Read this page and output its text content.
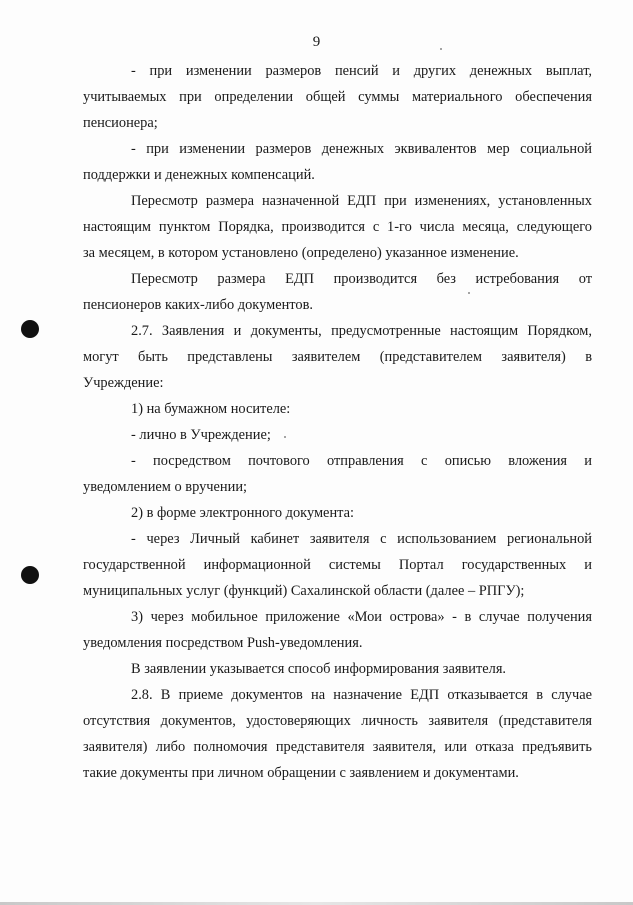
9
- при изменении размеров пенсий и других денежных выплат,
учитываемых при определении общей суммы материального обеспечения
пенсионера;
- при изменении размеров денежных эквивалентов мер социальной
поддержки и денежных компенсаций.
Пересмотр размера назначенной ЕДП при изменениях, установленных
настоящим пунктом Порядка, производится с 1-го числа месяца, следующего
за месяцем, в котором установлено (определено) указанное изменение.
Пересмотр размера ЕДП производится без истребования от
пенсионеров каких-либо документов.
2.7. Заявления и документы, предусмотренные настоящим Порядком,
могут быть представлены заявителем (представителем заявителя) в
Учреждение:
1) на бумажном носителе:
- лично в Учреждение;
- посредством почтового отправления с описью вложения и
уведомлением о вручении;
2) в форме электронного документа:
- через Личный кабинет заявителя с использованием региональной
государственной информационной системы Портал государственных и
муниципальных услуг (функций) Сахалинской области (далее – РПГУ);
3) через мобильное приложение «Мои острова» - в случае получения
уведомления посредством Push-уведомления.
В заявлении указывается способ информирования заявителя.
2.8. В приеме документов на назначение ЕДП отказывается в случае
отсутствия документов, удостоверяющих личность заявителя (представителя
заявителя) либо полномочия представителя заявителя, или отказа предъявить
такие документы при личном обращении с заявлением и документами.
